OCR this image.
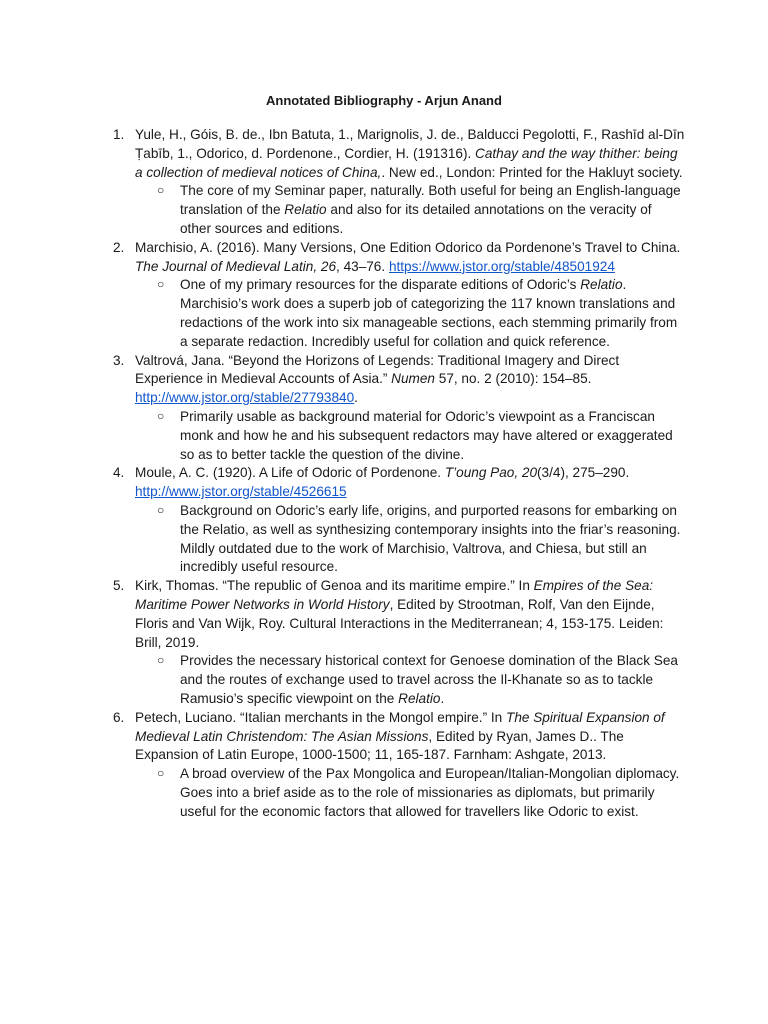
Annotated Bibliography - Arjun Anand
1. Yule, H., Góis, B. de., Ibn Batuta, 1., Marignolis, J. de., Balducci Pegolotti, F., Rashīd al-Dīn Ṭabīb, 1., Odorico, d. Pordenone., Cordier, H. (191316). Cathay and the way thither: being a collection of medieval notices of China,. New ed., London: Printed for the Hakluyt society.
○ The core of my Seminar paper, naturally. Both useful for being an English-language translation of the Relatio and also for its detailed annotations on the veracity of other sources and editions.
2. Marchisio, A. (2016). Many Versions, One Edition Odorico da Pordenone’s Travel to China. The Journal of Medieval Latin, 26, 43–76. https://www.jstor.org/stable/48501924
○ One of my primary resources for the disparate editions of Odoric’s Relatio. Marchisio’s work does a superb job of categorizing the 117 known translations and redactions of the work into six manageable sections, each stemming primarily from a separate redaction. Incredibly useful for collation and quick reference.
3. Valtrová, Jana. “Beyond the Horizons of Legends: Traditional Imagery and Direct Experience in Medieval Accounts of Asia.” Numen 57, no. 2 (2010): 154–85. http://www.jstor.org/stable/27793840.
○ Primarily usable as background material for Odoric’s viewpoint as a Franciscan monk and how he and his subsequent redactors may have altered or exaggerated so as to better tackle the question of the divine.
4. Moule, A. C. (1920). A Life of Odoric of Pordenone. T’oung Pao, 20(3/4), 275–290. http://www.jstor.org/stable/4526615
○ Background on Odoric’s early life, origins, and purported reasons for embarking on the Relatio, as well as synthesizing contemporary insights into the friar’s reasoning. Mildly outdated due to the work of Marchisio, Valtrova, and Chiesa, but still an incredibly useful resource.
5. Kirk, Thomas. “The republic of Genoa and its maritime empire.” In Empires of the Sea: Maritime Power Networks in World History, Edited by Strootman, Rolf, Van den Eijnde, Floris and Van Wijk, Roy. Cultural Interactions in the Mediterranean; 4, 153-175. Leiden: Brill, 2019.
○ Provides the necessary historical context for Genoese domination of the Black Sea and the routes of exchange used to travel across the Il-Khanate so as to tackle Ramusio’s specific viewpoint on the Relatio.
6. Petech, Luciano. “Italian merchants in the Mongol empire.” In The Spiritual Expansion of Medieval Latin Christendom: The Asian Missions, Edited by Ryan, James D.. The Expansion of Latin Europe, 1000-1500; 11, 165-187. Farnham: Ashgate, 2013.
○ A broad overview of the Pax Mongolica and European/Italian-Mongolian diplomacy. Goes into a brief aside as to the role of missionaries as diplomats, but primarily useful for the economic factors that allowed for travellers like Odoric to exist.
